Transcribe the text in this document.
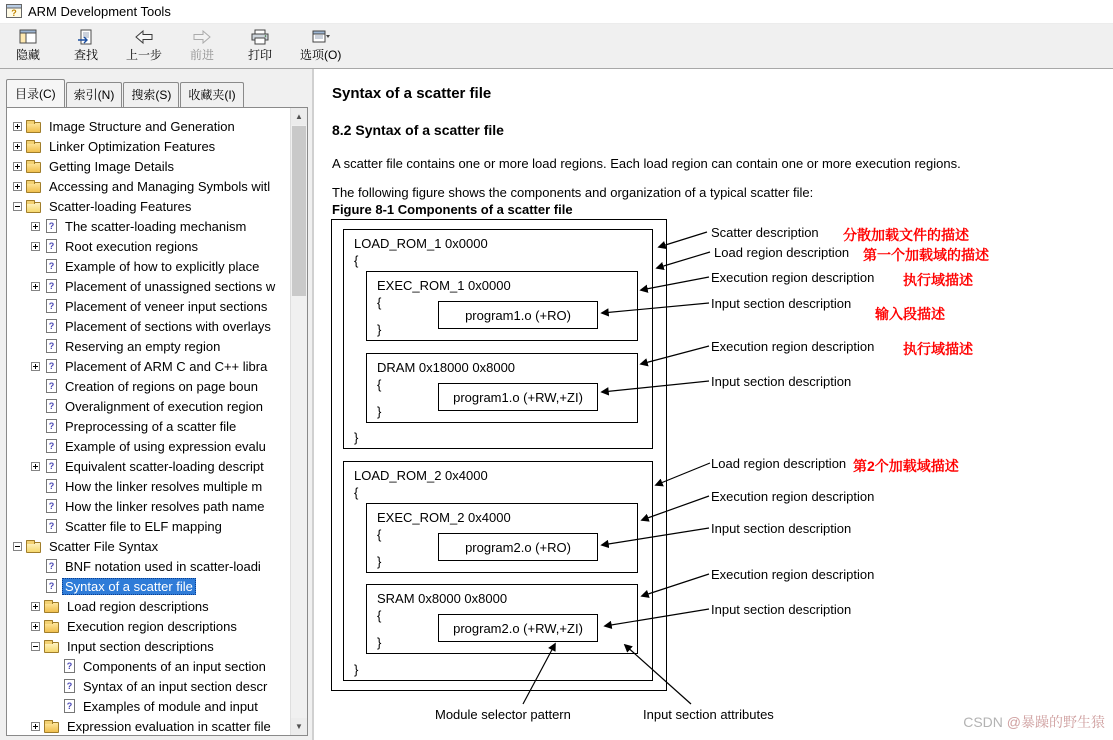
? ARM Development Tools
隐藏	查找 上一步 前进	打印 选项(O)
目录(C)	索引(N)	搜索(S)	收藏夹(I)
Image Structure and Generation
Linker Optimization Features
Getting Image Details
Accessing and Managing Symbols witl
Scatter-loading Features
?
The scatter-loading mechanism
?
Root execution regions
?
Example of how to explicitly place
?
Placement of unassigned sections w
?
Placement of veneer input sections
?
Placement of sections with overlays
?
Reserving an empty region
?
Placement of ARM C and C++ libra
?
Creation of regions on page boun
?
Overalignment of execution region
?
Preprocessing of a scatter file
?
Example of using expression evalu
?
Equivalent scatter-loading descript
?
How the linker resolves multiple m
?
How the linker resolves path name
?
Scatter file to ELF mapping
Scatter File Syntax
?
BNF notation used in scatter-loadi
?
Syntax of a scatter file
Load region descriptions
Execution region descriptions
Input section descriptions
?
Components of an input section
?
Syntax of an input section descr
?
Examples of module and input
Expression evaluation in scatter file
▲
▼
Syntax of a scatter file
8.2 Syntax of a scatter file

A scatter file contains one or more load regions. Each load region can contain one or more execution regions.

The following figure shows the components and organization of a typical scatter file:

Figure 8-1 Components of a scatter file
LOAD_ROM_1 0x0000
{
}
EXEC_ROM_1 0x0000
{
}
program1.o (+RO)
DRAM 0x18000 0x8000
{
}
program1.o (+RW,+ZI)
LOAD_ROM_2 0x4000
{
}
EXEC_ROM_2 0x4000
{
}
program2.o (+RO)
SRAM 0x8000 0x8000
{
}
program2.o (+RW,+ZI)
Scatter description 分散加载文件的描述
Load region description 第一个加载域的描述
Execution region description 执行域描述
Input section description
输入段描述
Execution region description 执行域描述
Input section description
Load region description 第2个加载域描述
Execution region description
Input section description
Execution region description
Input section description
Module selector pattern	Input section attributes	CSDN @暴躁的野生猿
